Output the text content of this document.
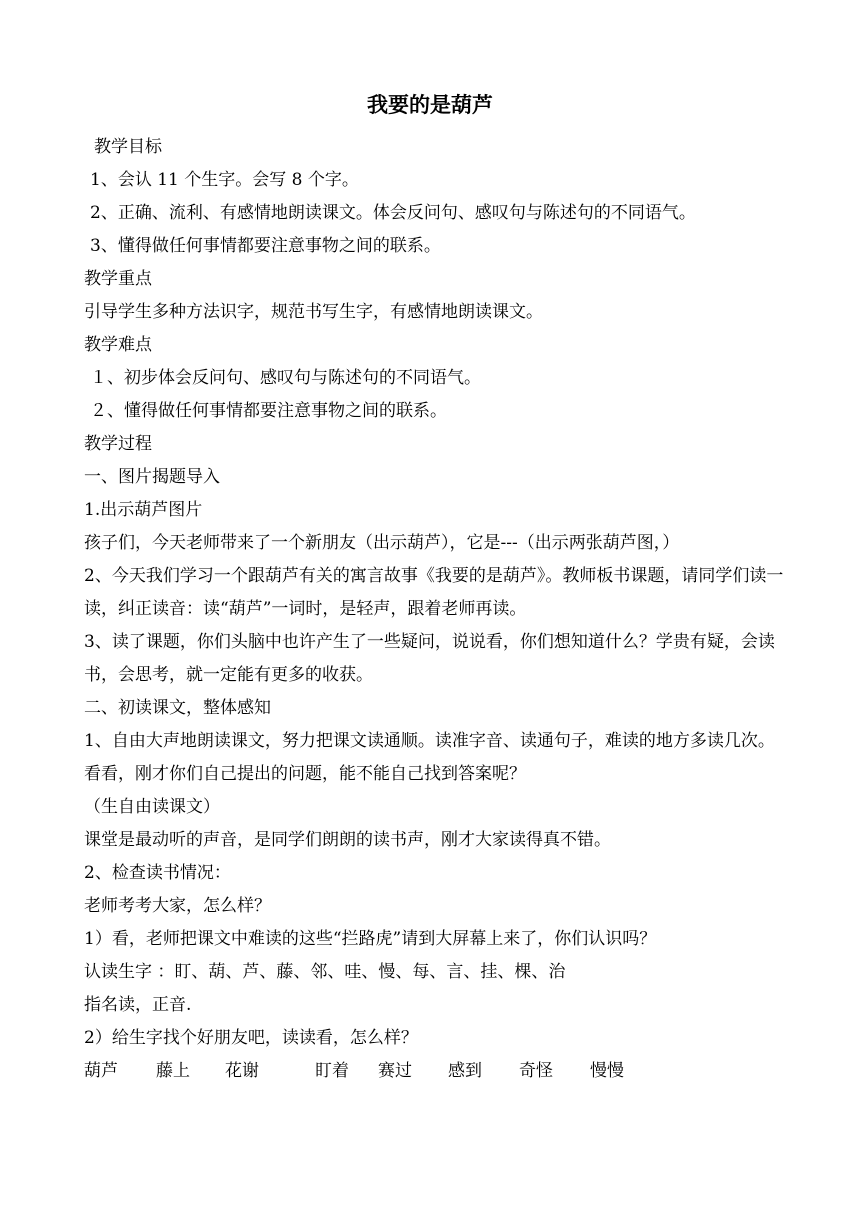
我要的是葫芦
教学目标
1、会认 11 个生字。会写 8 个字。
2、正确、流利、有感情地朗读课文。体会反问句、感叹句与陈述句的不同语气。
3、懂得做任何事情都要注意事物之间的联系。
教学重点
引导学生多种方法识字，规范书写生字，有感情地朗读课文。
教学难点
１、初步体会反问句、感叹句与陈述句的不同语气。
２、懂得做任何事情都要注意事物之间的联系。
教学过程
一、图片揭题导入
1.出示葫芦图片
孩子们，今天老师带来了一个新朋友（出示葫芦），它是---（出示两张葫芦图，）
2、今天我们学习一个跟葫芦有关的寓言故事《我要的是葫芦》。教师板书课题，请同学们读一读，纠正读音：读“葫芦”一词时，是轻声，跟着老师再读。
3、读了课题，你们头脑中也许产生了一些疑问，说说看，你们想知道什么？学贵有疑，会读书，会思考，就一定能有更多的收获。
二、初读课文，整体感知
1、自由大声地朗读课文，努力把课文读通顺。读准字音、读通句子，难读的地方多读几次。看看，刚才你们自己提出的问题，能不能自己找到答案呢？
（生自由读课文）
课堂是最动听的声音，是同学们朗朗的读书声，刚才大家读得真不错。
2、检查读书情况：
老师考考大家，怎么样？
1）看，老师把课文中难读的这些“拦路虎”请到大屏幕上来了，你们认识吗？
认读生字 ：盯、葫、芦、藤、邻、哇、慢、每、言、挂、棵、治
指名读，正音.
2）给生字找个好朋友吧，读读看，怎么样？
葫芦	藤上	花谢	盯着	赛过	感到	奇怪	慢慢
